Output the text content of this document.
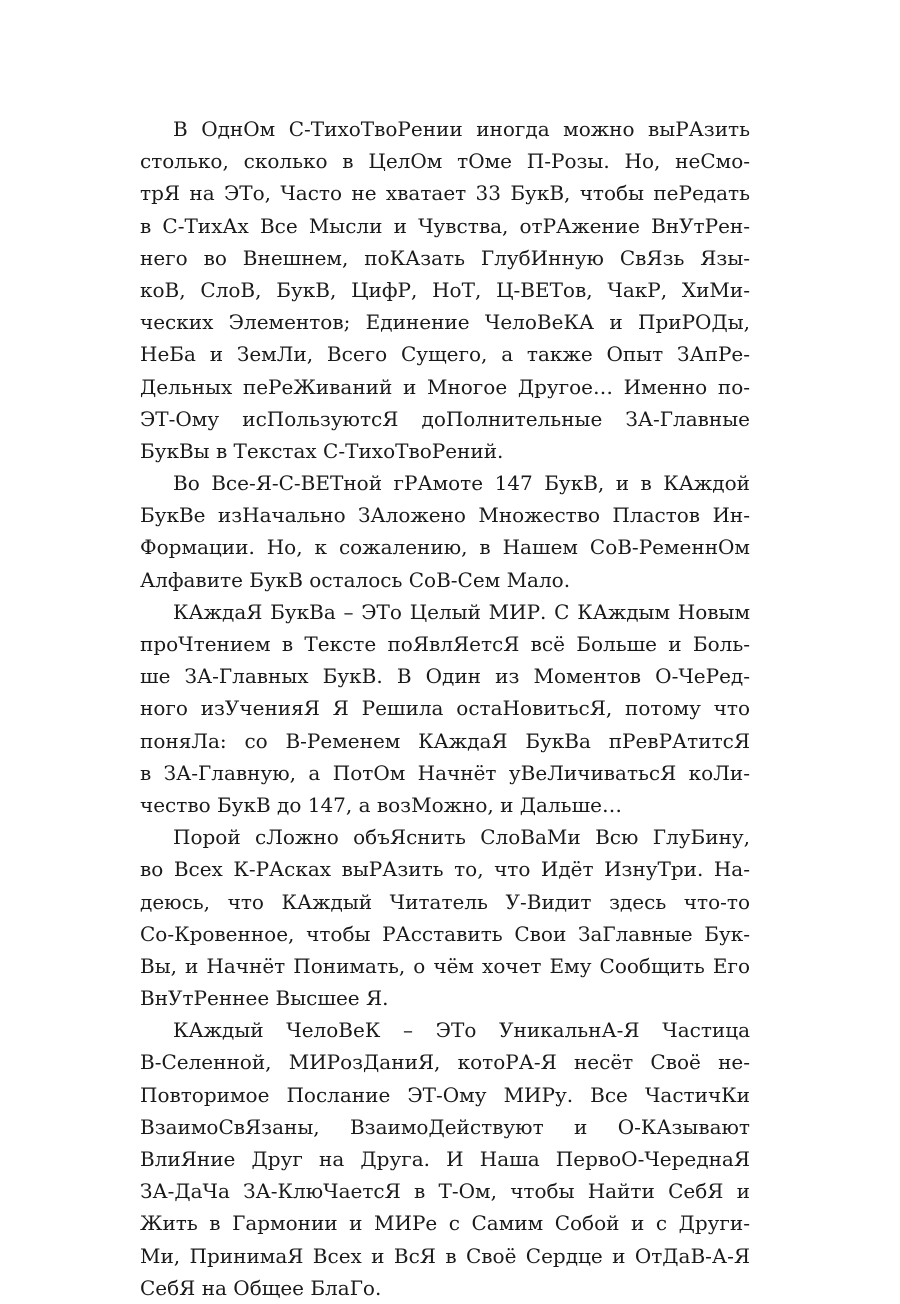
В ОднОм С-ТихоТвоРении иногда можно выРАзить
столько, сколько в ЦелОм тОме П-Розы. Но, неСмо-
трЯ на ЭТо, Часто не хватает 33 БукВ, чтобы пеРедать
в С-ТихАх Все Мысли и Чувства, отРАжение ВнУтРен-
него во Внешнем, поКАзать ГлубИнную СвЯзь Язы-
коВ, СлоВ, БукВ, ЦифР, НоТ, Ц-ВЕТов, ЧакР, ХиМи-
ческих Элементов; Единение ЧелоВеКА и ПриРОДы,
НеБа и ЗемЛи, Всего Сущего, а также Опыт ЗАпРе-
Дельных пеРеЖиваний и Многое Другое… Именно по-
ЭТ-Ому исПользуютсЯ доПолнительные ЗА-Главные
БукВы в Текстах С-ТихоТвоРений.
Во Все-Я-С-ВЕТной гРАмоте 147 БукВ, и в КАждой
БукВе изНачально ЗАложено Множество Пластов Ин-
Формации. Но, к сожалению, в Нашем СоВ-РеменнОм
Алфавите БукВ осталось СоВ-Сем Мало.
КАждаЯ БукВа – ЭТо Целый МИР. С КАждым Новым
проЧтением в Тексте поЯвлЯетсЯ всё Больше и Боль-
ше ЗА-Главных БукВ. В Один из Моментов О-ЧеРед-
ного изУченияЯ Я Решила остаНовитьсЯ, потому что
поняЛа: со В-Ременем КАждаЯ БукВа пРевРАтитсЯ
в ЗА-Главную, а ПотОм Начнёт уВеЛичиватьсЯ коЛи-
чество БукВ до 147, а возМожно, и Дальше…
Порой сЛожно объЯснить СлоВаМи Всю ГлуБину,
во Всех К-РАсках выРАзить то, что Идёт ИзнуТри. На-
деюсь, что КАждый Читатель У-Видит здесь что-то
Со-Кровенное, чтобы РАсставить Свои ЗаГлавные Бук-
Вы, и Начнёт Понимать, о чём хочет Ему Сообщить Его
ВнУтРеннее Высшее Я.
КАждый ЧелоВеК – ЭТо УникальнА-Я Частица
В-Селенной, МИРозДаниЯ, котоРА-Я несёт Своё не-
Повторимое Послание ЭТ-Ому МИРу. Все ЧастичКи
ВзаимоСвЯзаны, ВзаимоДействуют и О-КАзывают
ВлиЯние Друг на Друга. И Наша ПервоО-ЧереднаЯ
ЗА-ДаЧа ЗА-КлюЧаетсЯ в Т-Ом, чтобы Найти СебЯ и
Жить в Гармонии и МИРе с Самим Собой и с Други-
Ми, ПринимаЯ Всех и ВсЯ в Своё Сердце и ОтДаВ-А-Я
СебЯ на Общее БлаГо.
